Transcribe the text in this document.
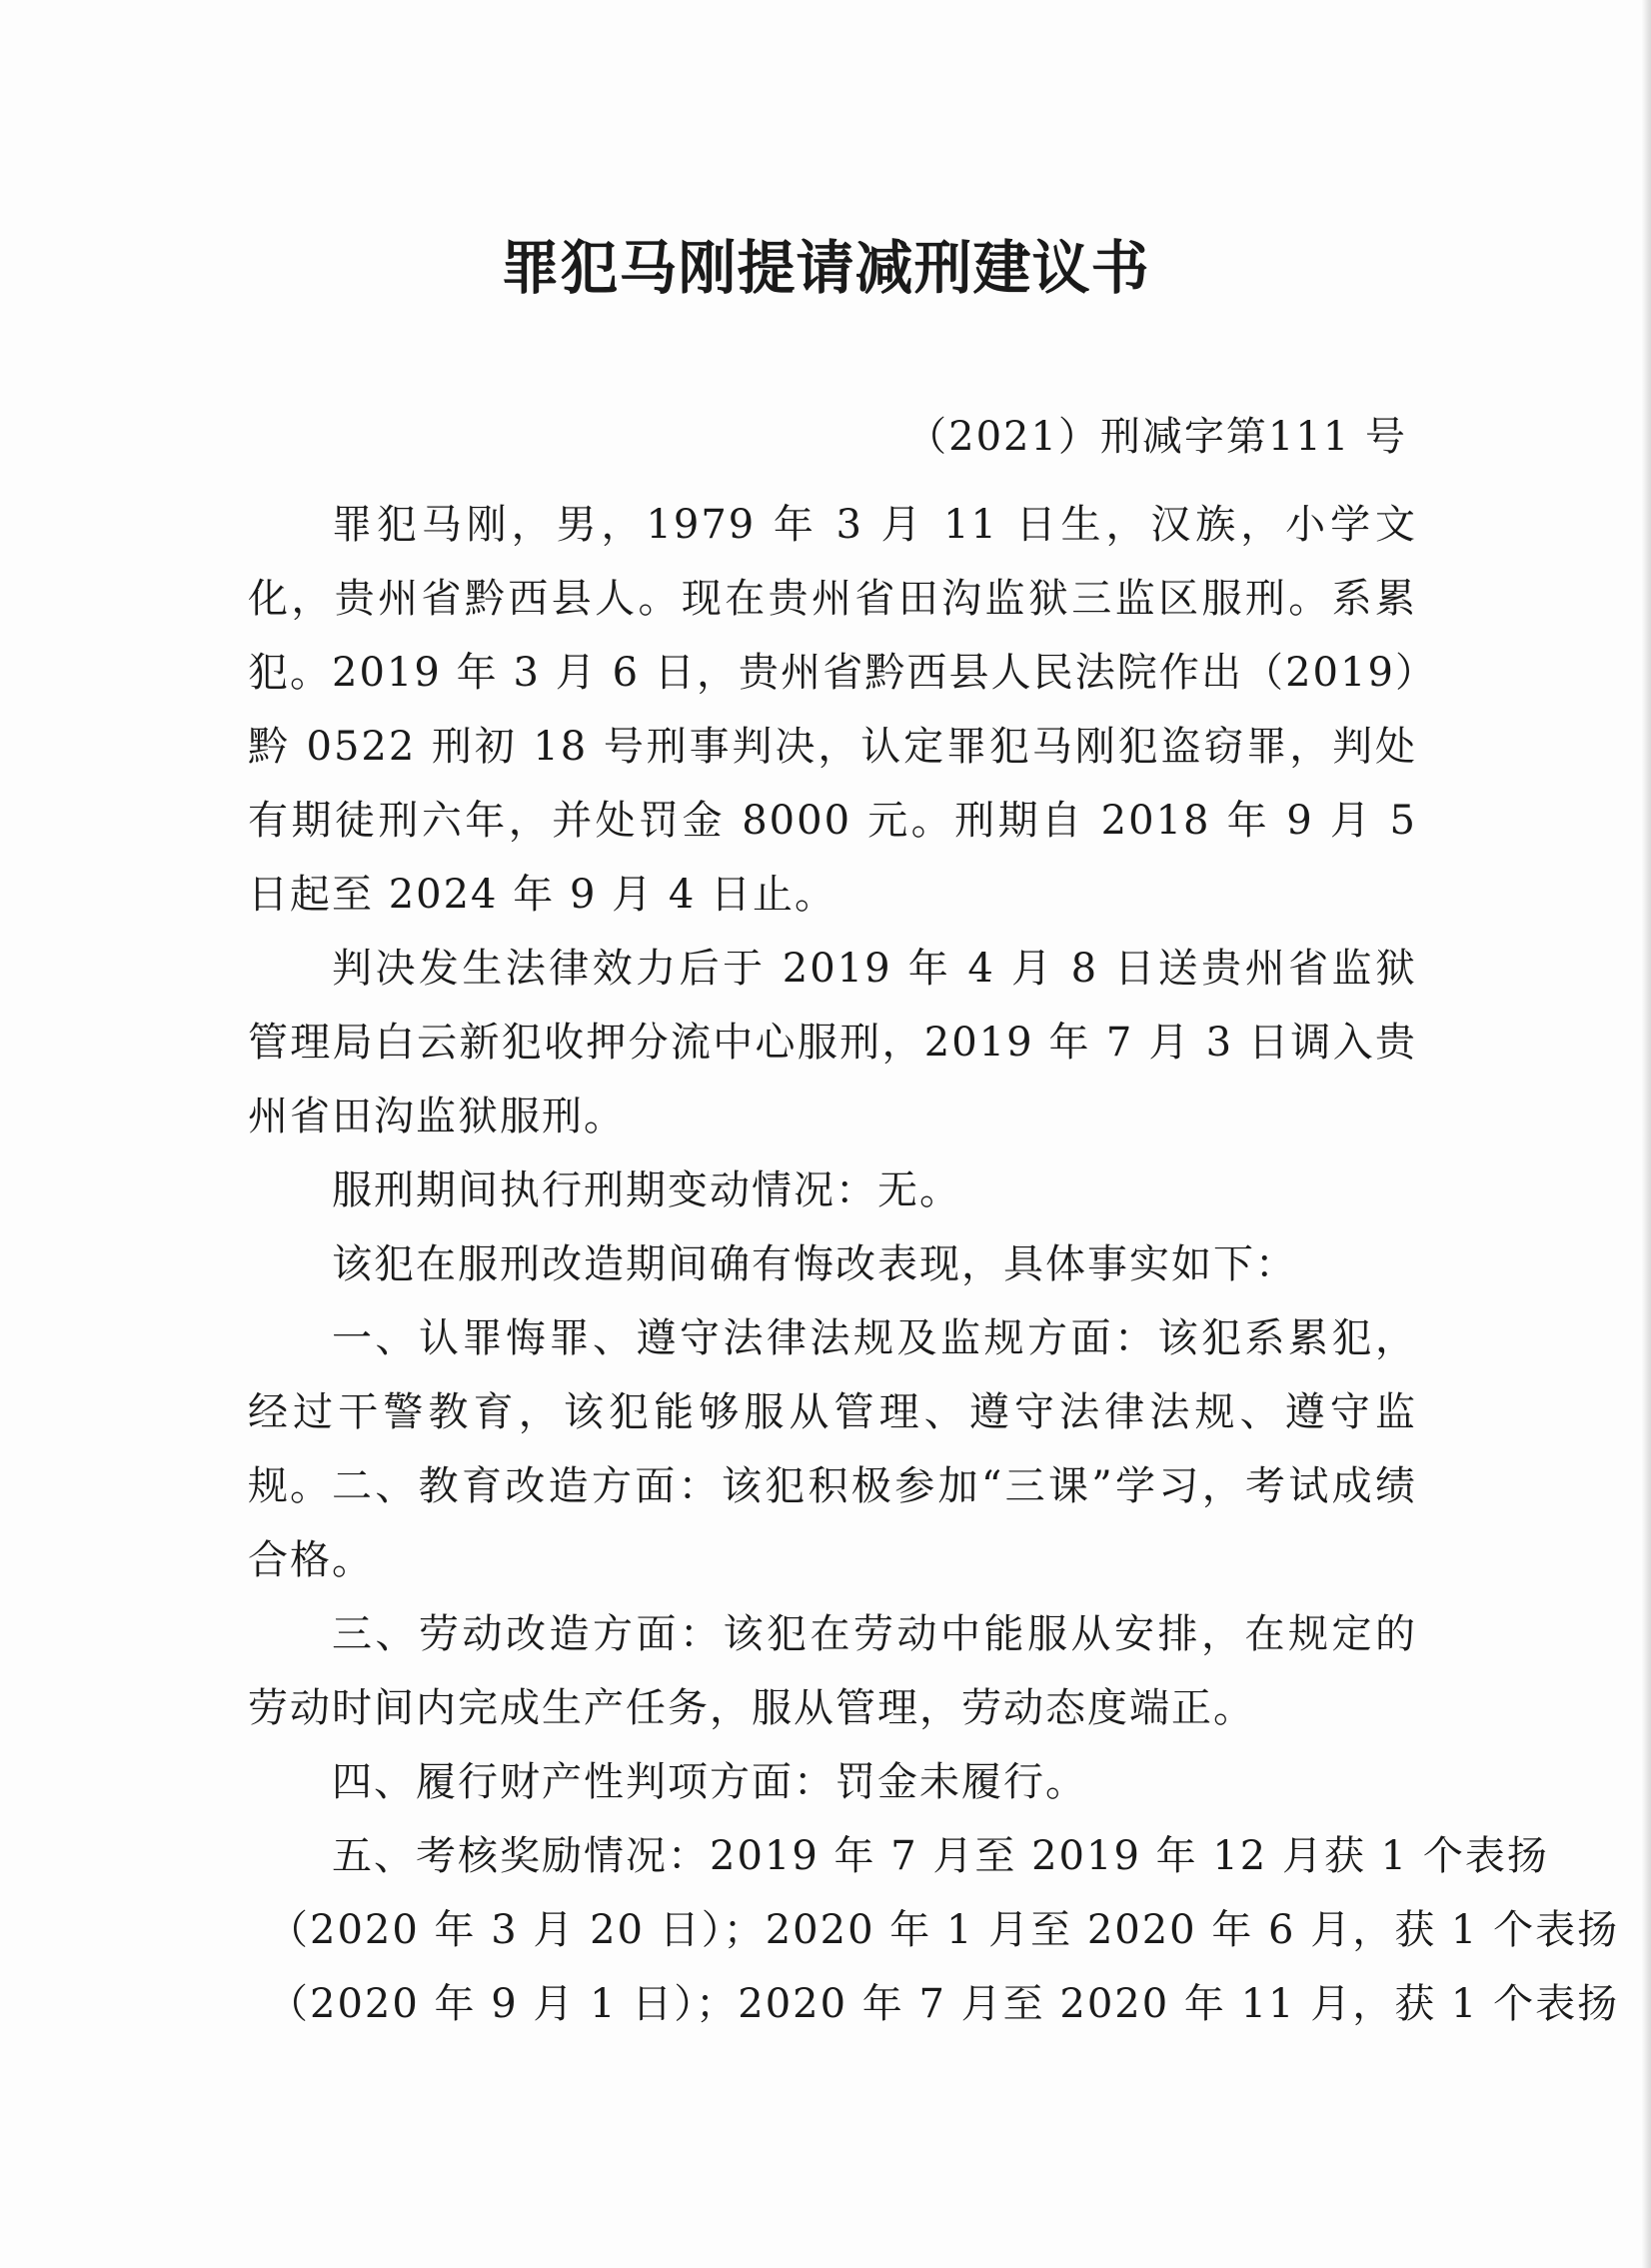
罪犯马刚提请减刑建议书
（2021）刑减字第111 号
罪犯马刚，男，1979 年 3 月 11 日生，汉族，小学文化，贵州省黔西县人。现在贵州省田沟监狱三监区服刑。系累犯。 2019 年 3 月 6 日，贵州省黔西县人民法院作出（2019）黔 0522 刑初 18 号刑事判决，认定罪犯马刚犯盗窃罪，判处有期徒刑六年，并处罚金 8000 元。刑期自 2018 年 9 月 5 日起至 2024 年 9 月 4 日止。
判决发生法律效力后于 2019 年 4 月 8 日送贵州省监狱管理局白云新犯收押分流中心服刑，2019 年 7 月 3 日调入贵州省田沟监狱服刑。
服刑期间执行刑期变动情况：无。
该犯在服刑改造期间确有悔改表现，具体事实如下：
一、认罪悔罪、遵守法律法规及监规方面：该犯系累犯，经过干警教育，该犯能够服从管理、遵守法律法规、遵守监规。 二、教育改造方面：该犯积极参加“三课”学习，考试成绩合格。
三、劳动改造方面：该犯在劳动中能服从安排，在规定的劳动时间内完成生产任务，服从管理，劳动态度端正。
四、履行财产性判项方面：罚金未履行。
五、考核奖励情况：2019 年 7 月至 2019 年 12 月获 1 个表扬
（2020 年 3 月 20 日）；2020 年 1 月至 2020 年 6 月，获 1 个表扬
（2020 年 9 月 1 日）；2020 年 7 月至 2020 年 11 月，获 1 个表扬
